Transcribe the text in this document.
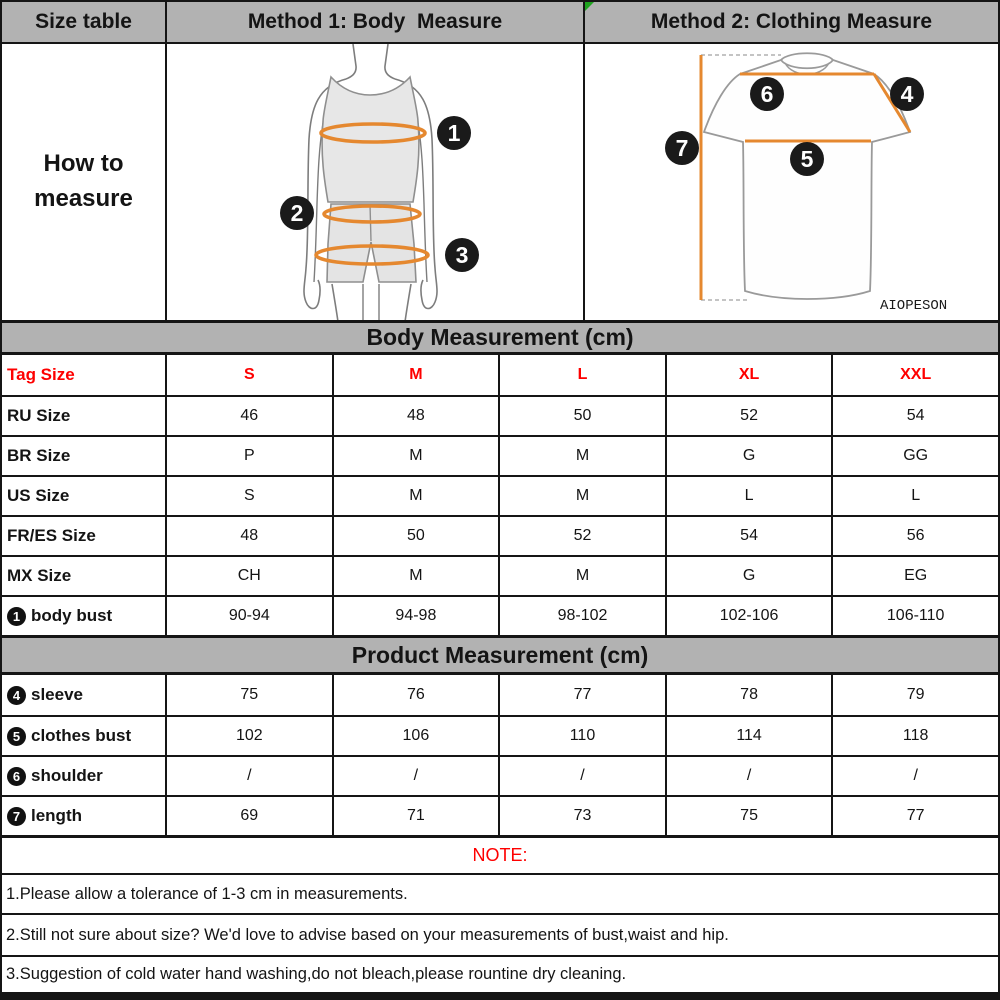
Size table	Method 1: Body  Measure	Method 2: Clothing Measure
How to
measure
1
2
3
6	4
7	5
AIOPESON
Body Measurement (cm)
Tag Size	S	M	L	XL	XXL
RU Size	46	48	50	52	54
BR Size	P	M	M	G	GG
US Size	S	M	M	L	L
FR/ES Size	48	50	52	54	56
MX Size	CH	M	M	G	EG
1 body bust	90-94	94-98	98-102	102-106	106-110
Product Measurement (cm)
4 sleeve	75	76	77	78	79
5 clothes bust	102	106	110	114	118
6 shoulder	/	/	/	/	/
7 length	69	71	73	75	77
NOTE:
1.Please allow a tolerance of 1-3 cm in measurements.
2.Still not sure about size? We'd love to advise based on your measurements of bust,waist and hip.
3.Suggestion of cold water hand washing,do not bleach,please rountine dry cleaning.
